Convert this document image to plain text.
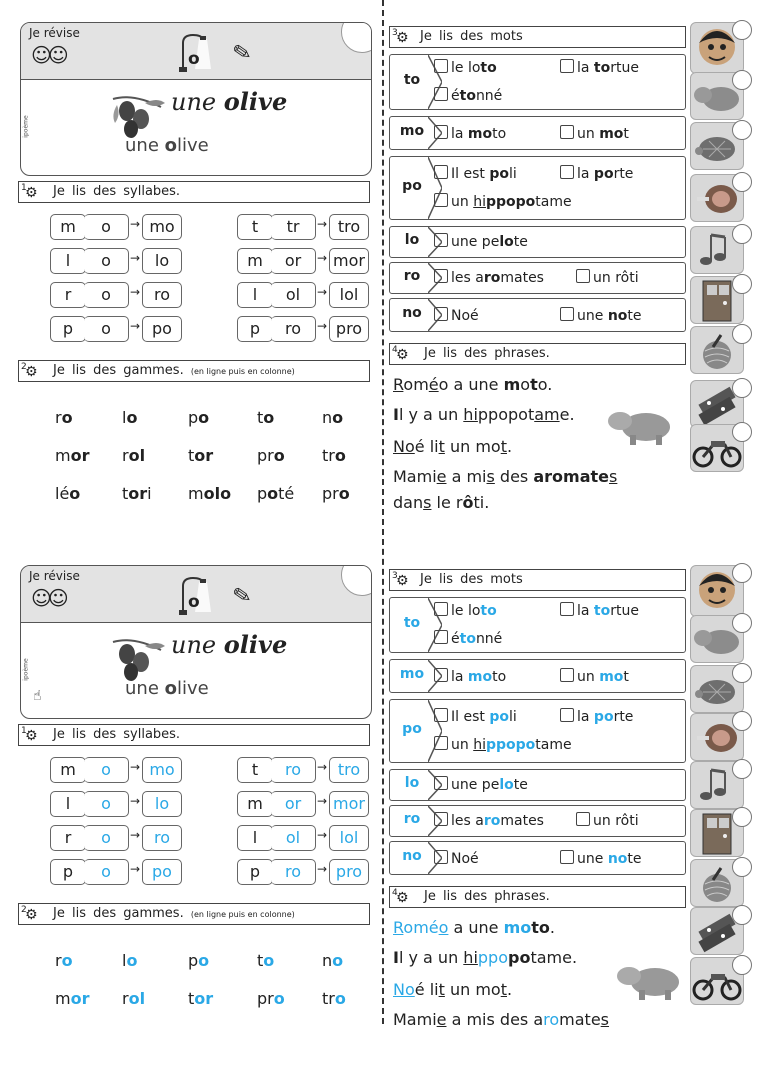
Je révise
☺☺	o ✎
une olive
une olive
ipoème
1
⚙ Je lis des syllabes.
m	o	→ mo	t	tr	→ tro
l	o	→ lo	m	or	→ mor
r	o	→ ro	l	ol	→ lol
p	o	→ po	p	ro	→ pro
2
⚙ Je lis des gammes. (en ligne puis en colonne)
ro	lo	po	to	no
mor rol	tor	pro tro
léo	tori molo poté pro
3
⚙ Je lis des mots
to
le loto	la tortue
étonné
mo	la moto	un mot
po
Il est poli	la porte
un hippopotame
lo	une pelote
ro	les aromates	un rôti
no	Noé	une note
4
⚙ Je lis des phrases.
Roméo a une moto.
Il y a un hippopotame.
Noé lit un mot.
Mamie a mis des aromates
dans le rôti.
Je révise
☺☺	o ✎
une olive
une olive
ipoème
☝
1
⚙ Je lis des syllabes.
m	o	→ mo	t	ro	→ tro
l	o	→ lo	m	or	→ mor
r	o	→ ro	l	ol	→ lol
p	o	→ po	p	ro	→ pro
2
⚙ Je lis des gammes. (en ligne puis en colonne)
ro	lo	po	to	no
mor rol	tor	pro tro
3
⚙ Je lis des mots
to
le loto	la tortue
étonné
mo	la moto	un mot
po
Il est poli	la porte
un hippopotame
lo	une pelote
ro	les aromates	un rôti
no	Noé	une note
4
⚙ Je lis des phrases.
Roméo a une moto.
Il y a un hippopotame.
Noé lit un mot.
Mamie a mis des aromates
